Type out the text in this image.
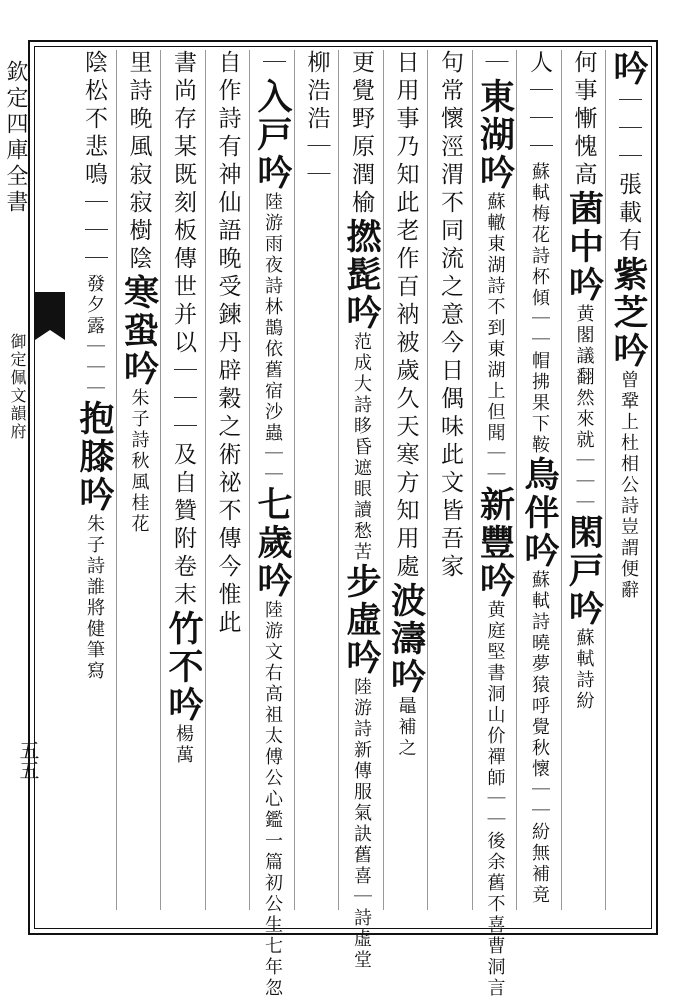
欽定四庫全書
御定佩文韻府
五五
吟｜｜｜張載有紫芝吟曾鞏上杜相公詩豈謂便辭
何事慚愧高菌中吟黄閣議翻然來就｜｜｜閑戸吟蘇軾詩紛
人｜｜｜蘇軾梅花詩杯傾｜｜帽拂果下鞍鳥伴吟蘇軾詩曉夢猿呼覺秋懷｜｜紛無補竟
｜東湖吟蘇轍東湖詩不到東湖上但聞｜｜新豐吟黄庭堅書洞山价禪師｜｜後余舊不喜曹洞言
句常懷涇渭不同流之意今日偶味此文皆吾家
日用事乃知此老作百衲被歲久天寒方知用處波濤吟鼂補之
更覺野原潤榆撚髭吟范成大詩眵昏遮眼讀愁苦步虛吟陸游詩新傳服氣訣舊喜｜詩虛堂
柳浩浩｜｜
｜入戸吟陸游雨夜詩林鵲依舊宿沙蟲｜｜七歲吟陸游文右高祖太傅公心鑑一篇初公生七年忽
自作詩有神仙語晚受鍊丹辟穀之術祕不傳今惟此
書尚存某既刻板傳世并以｜｜｜及自贊附卷末竹不吟楊萬
里詩晚風寂寂樹陰寒蛩吟朱子詩秋風桂花
陰松不悲鳴｜｜｜發夕露｜｜｜抱膝吟朱子詩誰將健筆寫
